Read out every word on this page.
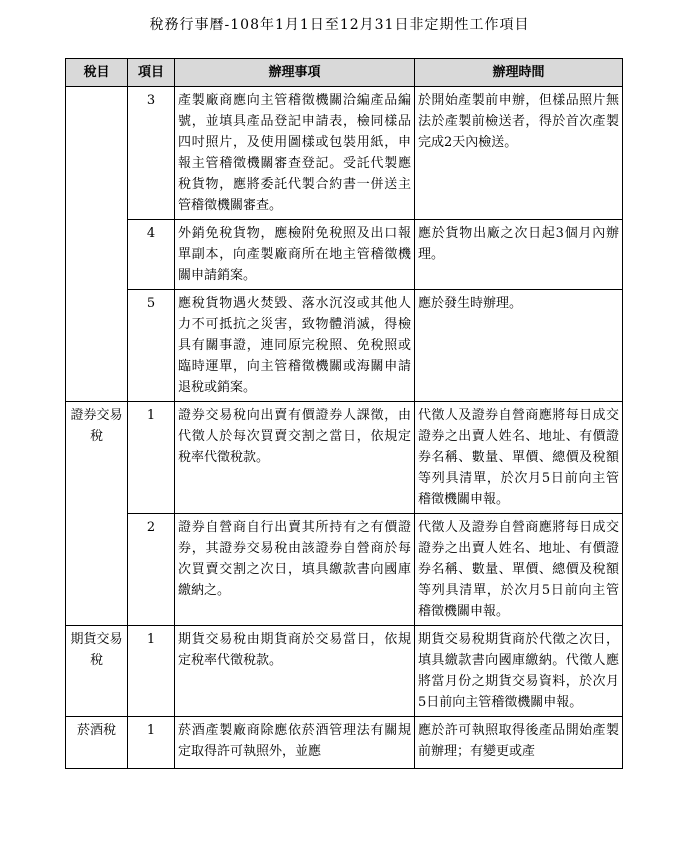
稅務行事曆-108年1月1日至12月31日非定期性工作項目
稅目	項目	辦理事項	辦理時間
	3	產製廠商應向主管稽徵機關洽編產品編號，並填具產品登記申請表，檢同樣品四吋照片，及使用圖樣或包裝用紙，申報主管稽徵機關審查登記。受託代製應稅貨物，應將委託代製合約書一併送主管稽徵機關審查。	於開始產製前申辦，但樣品照片無法於產製前檢送者，得於首次產製完成2天內檢送。
	4	外銷免稅貨物，應檢附免稅照及出口報單副本，向產製廠商所在地主管稽徵機關申請銷案。	應於貨物出廠之次日起3個月內辦理。
	5	應稅貨物遇火焚毀、落水沉沒或其他人力不可抵抗之災害，致物體消滅，得檢具有關事證，連同原完稅照、免稅照或臨時運單，向主管稽徵機關或海關申請退稅或銷案。	應於發生時辦理。
證券交易稅	1	證券交易稅向出賣有價證券人課徵，由代徵人於每次買賣交割之當日，依規定稅率代徵稅款。	代徵人及證券自營商應將每日成交證券之出賣人姓名、地址、有價證券名稱、數量、單價、總價及稅額等列具清單，於次月5日前向主管稽徵機關申報。
	2	證券自營商自行出賣其所持有之有價證券，其證券交易稅由該證券自營商於每次買賣交割之次日，填具繳款書向國庫繳納之。	代徵人及證券自營商應將每日成交證券之出賣人姓名、地址、有價證券名稱、數量、單價、總價及稅額等列具清單，於次月5日前向主管稽徵機關申報。
期貨交易稅	1	期貨交易稅由期貨商於交易當日，依規定稅率代徵稅款。	期貨交易稅期貨商於代徵之次日，填具繳款書向國庫繳納。代徵人應將當月份之期貨交易資料，於次月5日前向主管稽徵機關申報。
菸酒稅	1	菸酒產製廠商除應依菸酒管理法有關規定取得許可執照外，並應	應於許可執照取得後產品開始產製前辦理；有變更或產
